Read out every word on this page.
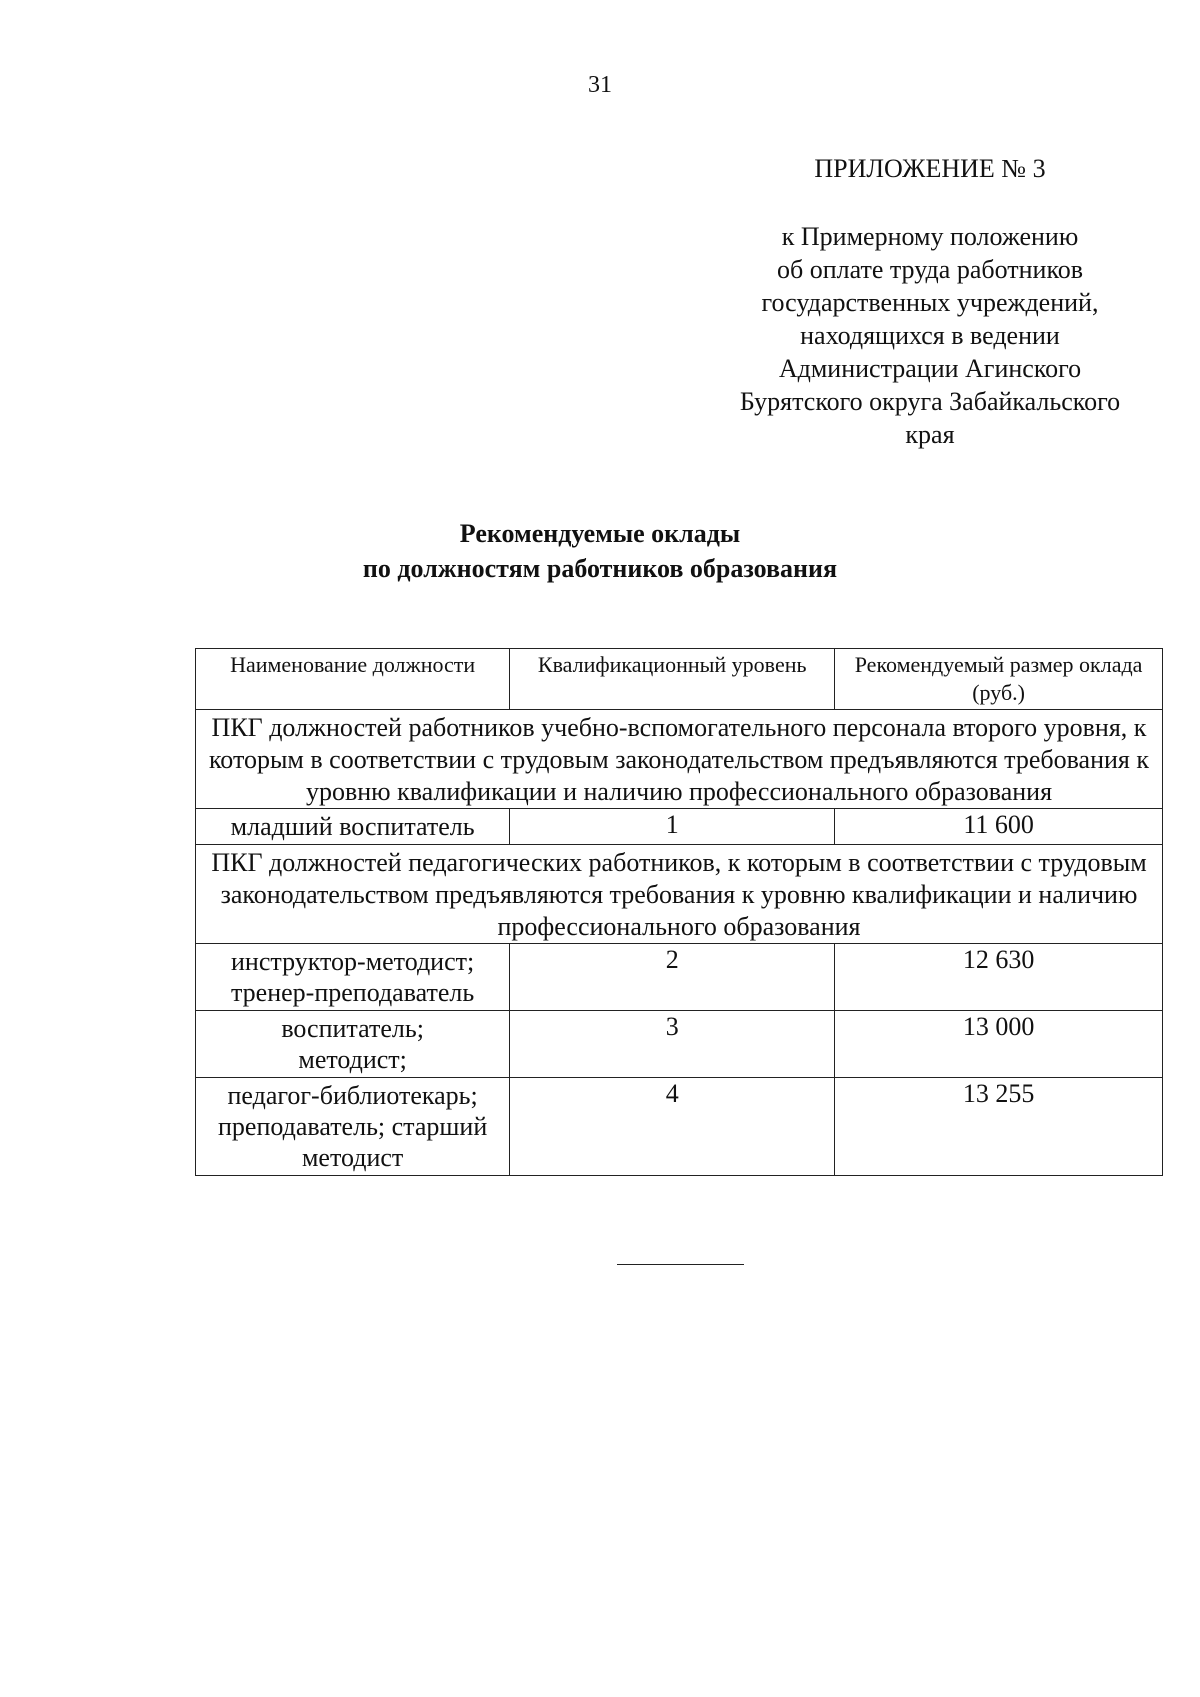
31
ПРИЛОЖЕНИЕ № 3
к Примерному положению
об оплате труда работников
государственных учреждений,
находящихся в ведении
Администрации Агинского
Бурятского округа Забайкальского
края
Рекомендуемые оклады
по должностям работников образования
Наименование должности	Квалификационный уровень	Рекомендуемый размер оклада (руб.)
ПКГ должностей работников учебно-вспомогательного персонала второго уровня, к которым в соответствии с трудовым законодательством предъявляются требования к уровню квалификации и наличию профессионального образования		
младший воспитатель	1	11 600
ПКГ должностей педагогических работников, к которым в соответствии с трудовым законодательством предъявляются требования к уровню квалификации и наличию профессионального образования		
инструктор-методист; тренер-преподаватель	2	12 630
воспитатель; методист;	3	13 000
педагог-библиотекарь; преподаватель; старший методист	4	13 255
